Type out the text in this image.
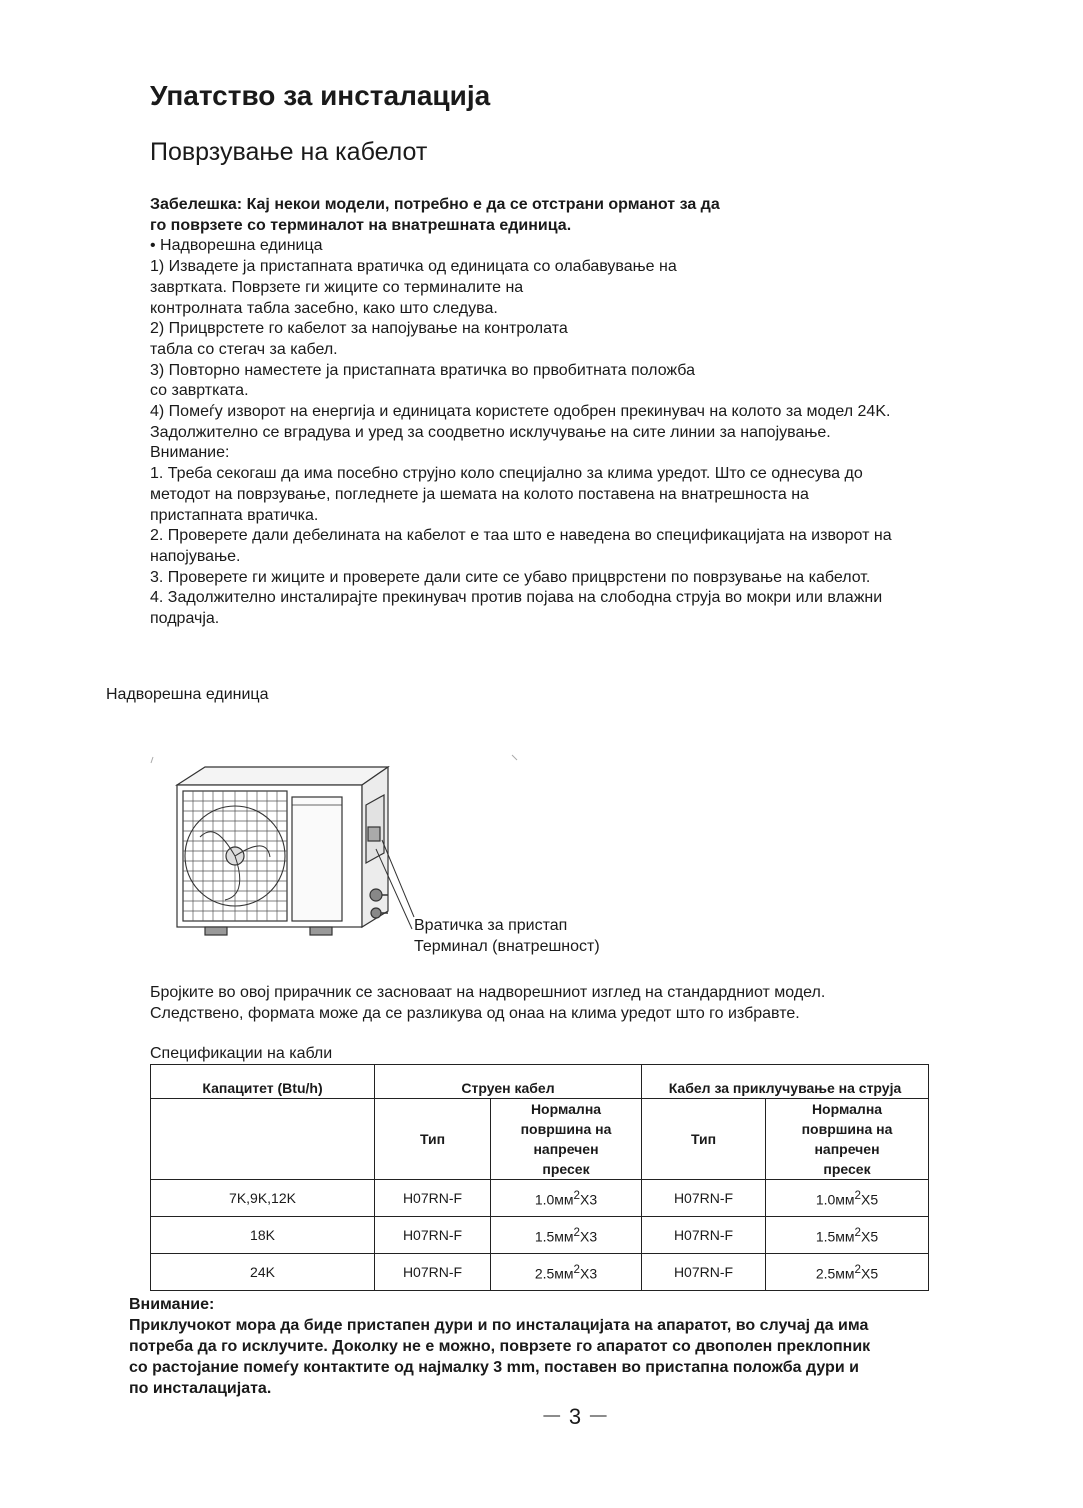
Упатство за инсталација
Поврзување на кабелот
Забелешка: Кај некои модели, потребно е да се отстрани орманот за да
го поврзете со терминалот на внатрешната единица.
• Надворешна единица
1) Извадете ја пристапната вратичка од единицата со олабавување на
завртката. Поврзете ги жиците со терминалите на
контролната табла засебно, како што следува.
2) Прицврстете го кабелот за напојување на контролата
табла со стегач за кабел.
3) Повторно наместете ја пристапната вратичка во првобитната положба
со завртката.
4) Помеѓу изворот на енергија и единицата користете одобрен прекинувач на колото за модел 24K.
Задолжително се вградува и уред за соодветно исклучување на сите линии за напојување.
Внимание:
1. Треба секогаш да има посебно струјно коло специјално за клима уредот. Што се однесува до
методот на поврзување, погледнете ја шемата на колото поставена на внатрешноста на
пристапната вратичка.
2. Проверете дали дебелината на кабелот е таа што е наведена во спецификацијата на изворот на
напојување.
3. Проверете ги жиците и проверете дали сите се убаво прицврстени по поврзување на кабелот.
4. Задолжително инсталирајте прекинувач против појава на слободна струја во мокри или влажни
подрачја.
Надворешна единица
Вратичка за пристап
Терминал (внатрешност)
Бројките во овој прирачник се засноваат на надворешниот изглед на стандардниот модел.
Следствено, формата може да се разликува од онаа на клима уредот што го избравте.
Спецификации на кабли
Капацитет (Btu/h)	Струен кабел		Кабел за приклучување на струја	
	Тип	Нормална површина на напречен пресек	Тип	Нормална површина на напречен пресек
7K,9K,12K	H07RN-F	$1.0мм^2X3$	H07RN-F	$1.0мм^2X5$
18K	H07RN-F	$1.5мм^2X3$	H07RN-F	$1.5мм^2X5$
24K	H07RN-F	$2.5мм^2X3$	H07RN-F	$2.5мм^2X5$
Внимание:
Приклучокот мора да биде пристапен дури и по инсталацијата на апаратот, во случај да има
потреба да го исклучите. Доколку не е можно, поврзете го апаратот со двополен преклопник
со растојание помеѓу контактите од најмалку 3 mm, поставен во пристапна положба дури и
по инсталацијата.
－ 3 －
